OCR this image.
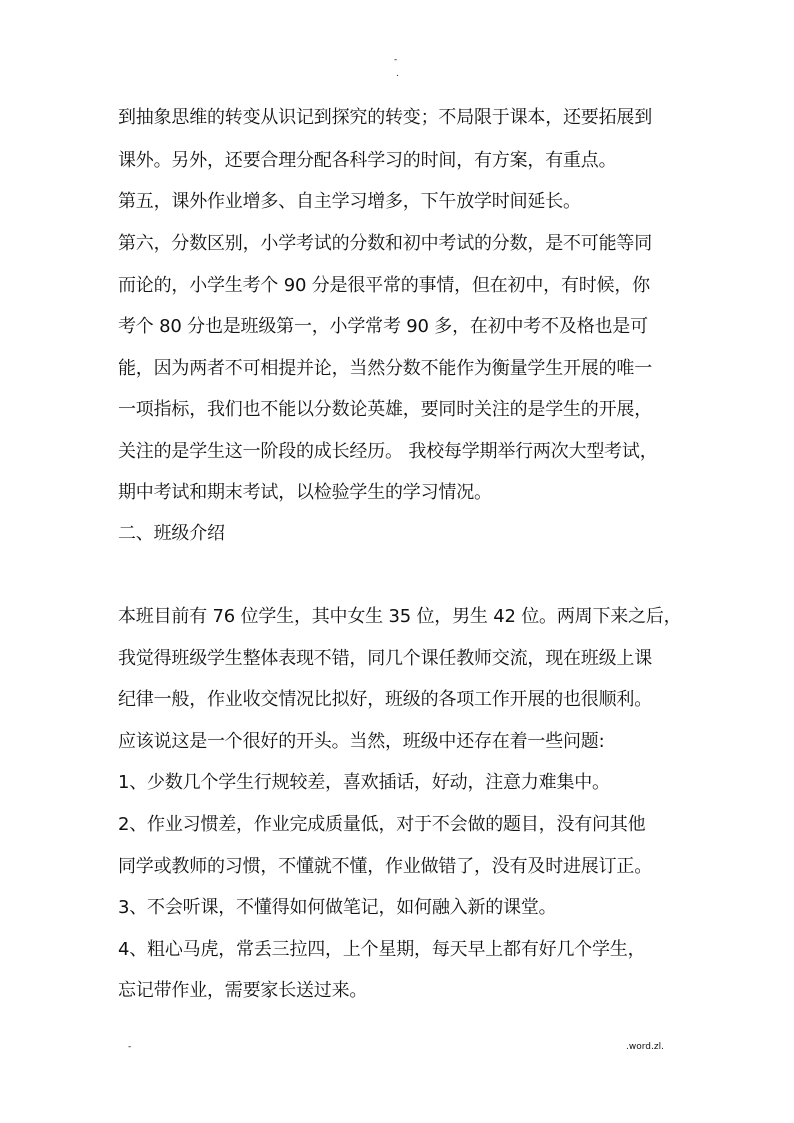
-
.
到抽象思维的转变从识记到探究的转变；不局限于课本，还要拓展到
课外。另外，还要合理分配各科学习的时间，有方案，有重点。
第五，课外作业增多、自主学习增多，下午放学时间延长。
第六，分数区别，小学考试的分数和初中考试的分数，是不可能等同
而论的，小学生考个 90 分是很平常的事情，但在初中，有时候，你
考个 80 分也是班级第一，小学常考 90 多，在初中考不及格也是可
能，因为两者不可相提并论，当然分数不能作为衡量学生开展的唯一
一项指标，我们也不能以分数论英雄，要同时关注的是学生的开展，
关注的是学生这一阶段的成长经历。 我校每学期举行两次大型考试，
期中考试和期末考试，以检验学生的学习情况。
二、班级介绍
本班目前有 76 位学生，其中女生 35 位，男生 42 位。两周下来之后，
我觉得班级学生整体表现不错，同几个课任教师交流，现在班级上课
纪律一般，作业收交情况比拟好，班级的各项工作开展的也很顺利。
应该说这是一个很好的开头。当然，班级中还存在着一些问题:
1、少数几个学生行规较差，喜欢插话，好动，注意力难集中。
2、作业习惯差，作业完成质量低，对于不会做的题目，没有问其他
同学或教师的习惯，不懂就不懂，作业做错了，没有及时进展订正。
3、不会听课，不懂得如何做笔记，如何融入新的课堂。
4、粗心马虎，常丢三拉四，上个星期，每天早上都有好几个学生，
忘记带作业，需要家长送过来。
-	.word.zl.
